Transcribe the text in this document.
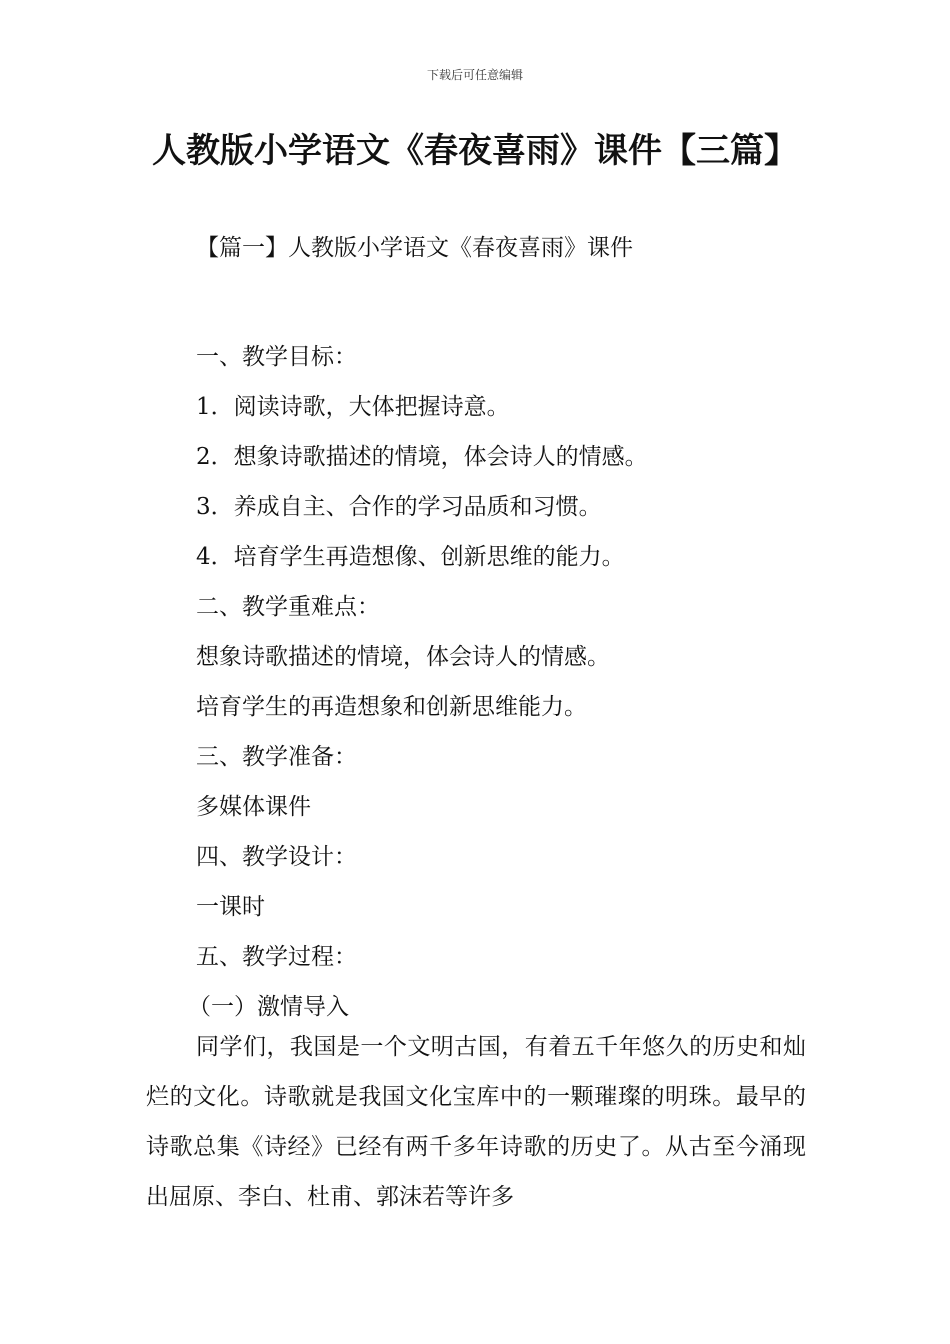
下载后可任意编辑
人教版小学语文《春夜喜雨》课件【三篇】
【篇一】人教版小学语文《春夜喜雨》课件
一、教学目标：
1．阅读诗歌，大体把握诗意。
2．想象诗歌描述的情境，体会诗人的情感。
3．养成自主、合作的学习品质和习惯。
4．培育学生再造想像、创新思维的能力。
二、教学重难点：
想象诗歌描述的情境，体会诗人的情感。
培育学生的再造想象和创新思维能力。
三、教学准备：
多媒体课件
四、教学设计：
一课时
五、教学过程：
（一）激情导入

同学们，我国是一个文明古国，有着五千年悠久的历史和灿烂的文化。诗歌就是我国文化宝库中的一颗璀璨的明珠。最早的诗歌总集《诗经》已经有两千多年诗歌的历史了。从古至今涌现出屈原、李白、杜甫、郭沫若等许多
